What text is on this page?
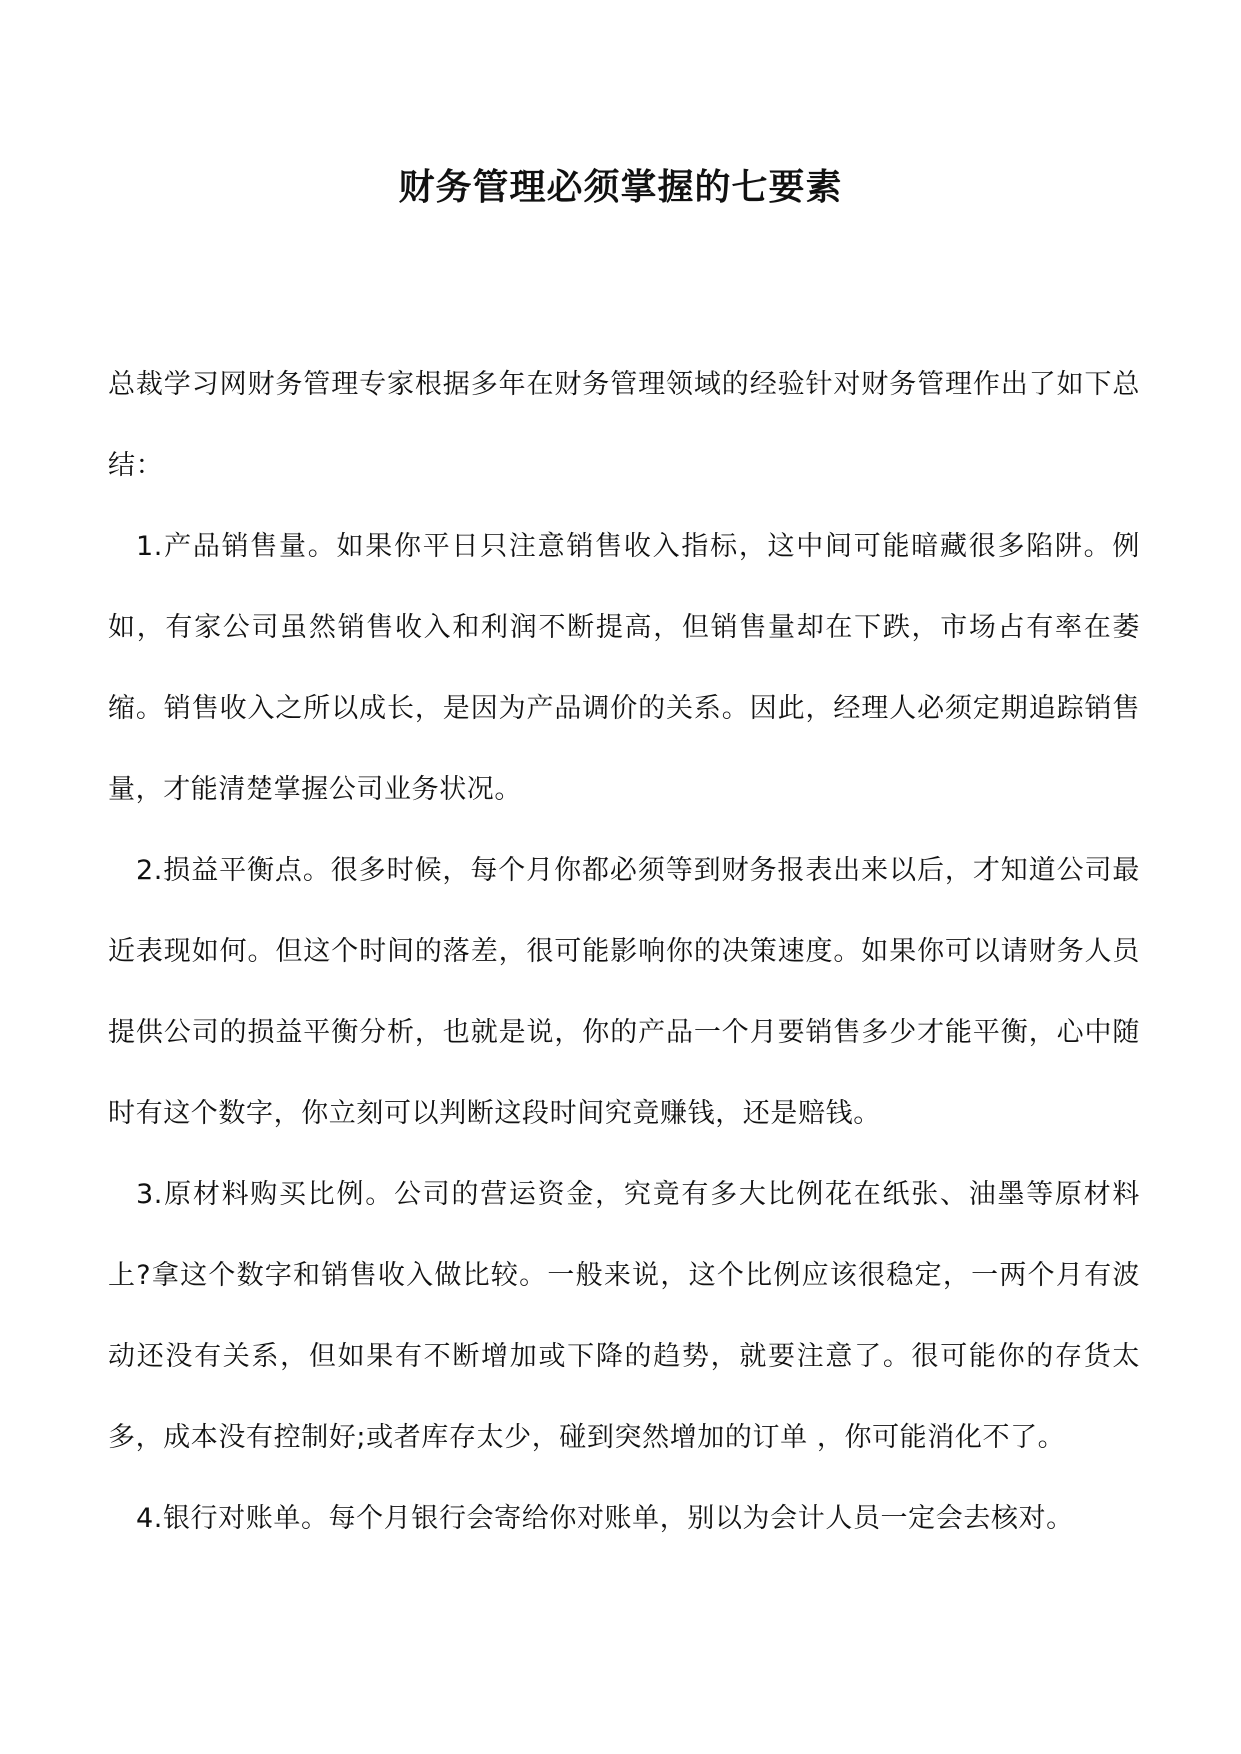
财务管理必须掌握的七要素

总裁学习网财务管理专家根据多年在财务管理领域的经验针对财务管理作出了如下总结：

1.产品销售量。如果你平日只注意销售收入指标，这中间可能暗藏很多陷阱。例如，有家公司虽然销售收入和利润不断提高，但销售量却在下跌，市场占有率在萎缩。销售收入之所以成长，是因为产品调价的关系。因此，经理人必须定期追踪销售量，才能清楚掌握公司业务状况。

2.损益平衡点。很多时候，每个月你都必须等到财务报表出来以后，才知道公司最近表现如何。但这个时间的落差，很可能影响你的决策速度。如果你可以请财务人员提供公司的损益平衡分析，也就是说，你的产品一个月要销售多少才能平衡，心中随时有这个数字，你立刻可以判断这段时间究竟赚钱，还是赔钱。

3.原材料购买比例。公司的营运资金，究竟有多大比例花在纸张、油墨等原材料上?拿这个数字和销售收入做比较。一般来说，这个比例应该很稳定，一两个月有波动还没有关系，但如果有不断增加或下降的趋势，就要注意了。很可能你的存货太多，成本没有控制好;或者库存太少，碰到突然增加的订单 ，你可能消化不了。

4.银行对账单。每个月银行会寄给你对账单，别以为会计人员一定会去核对。
